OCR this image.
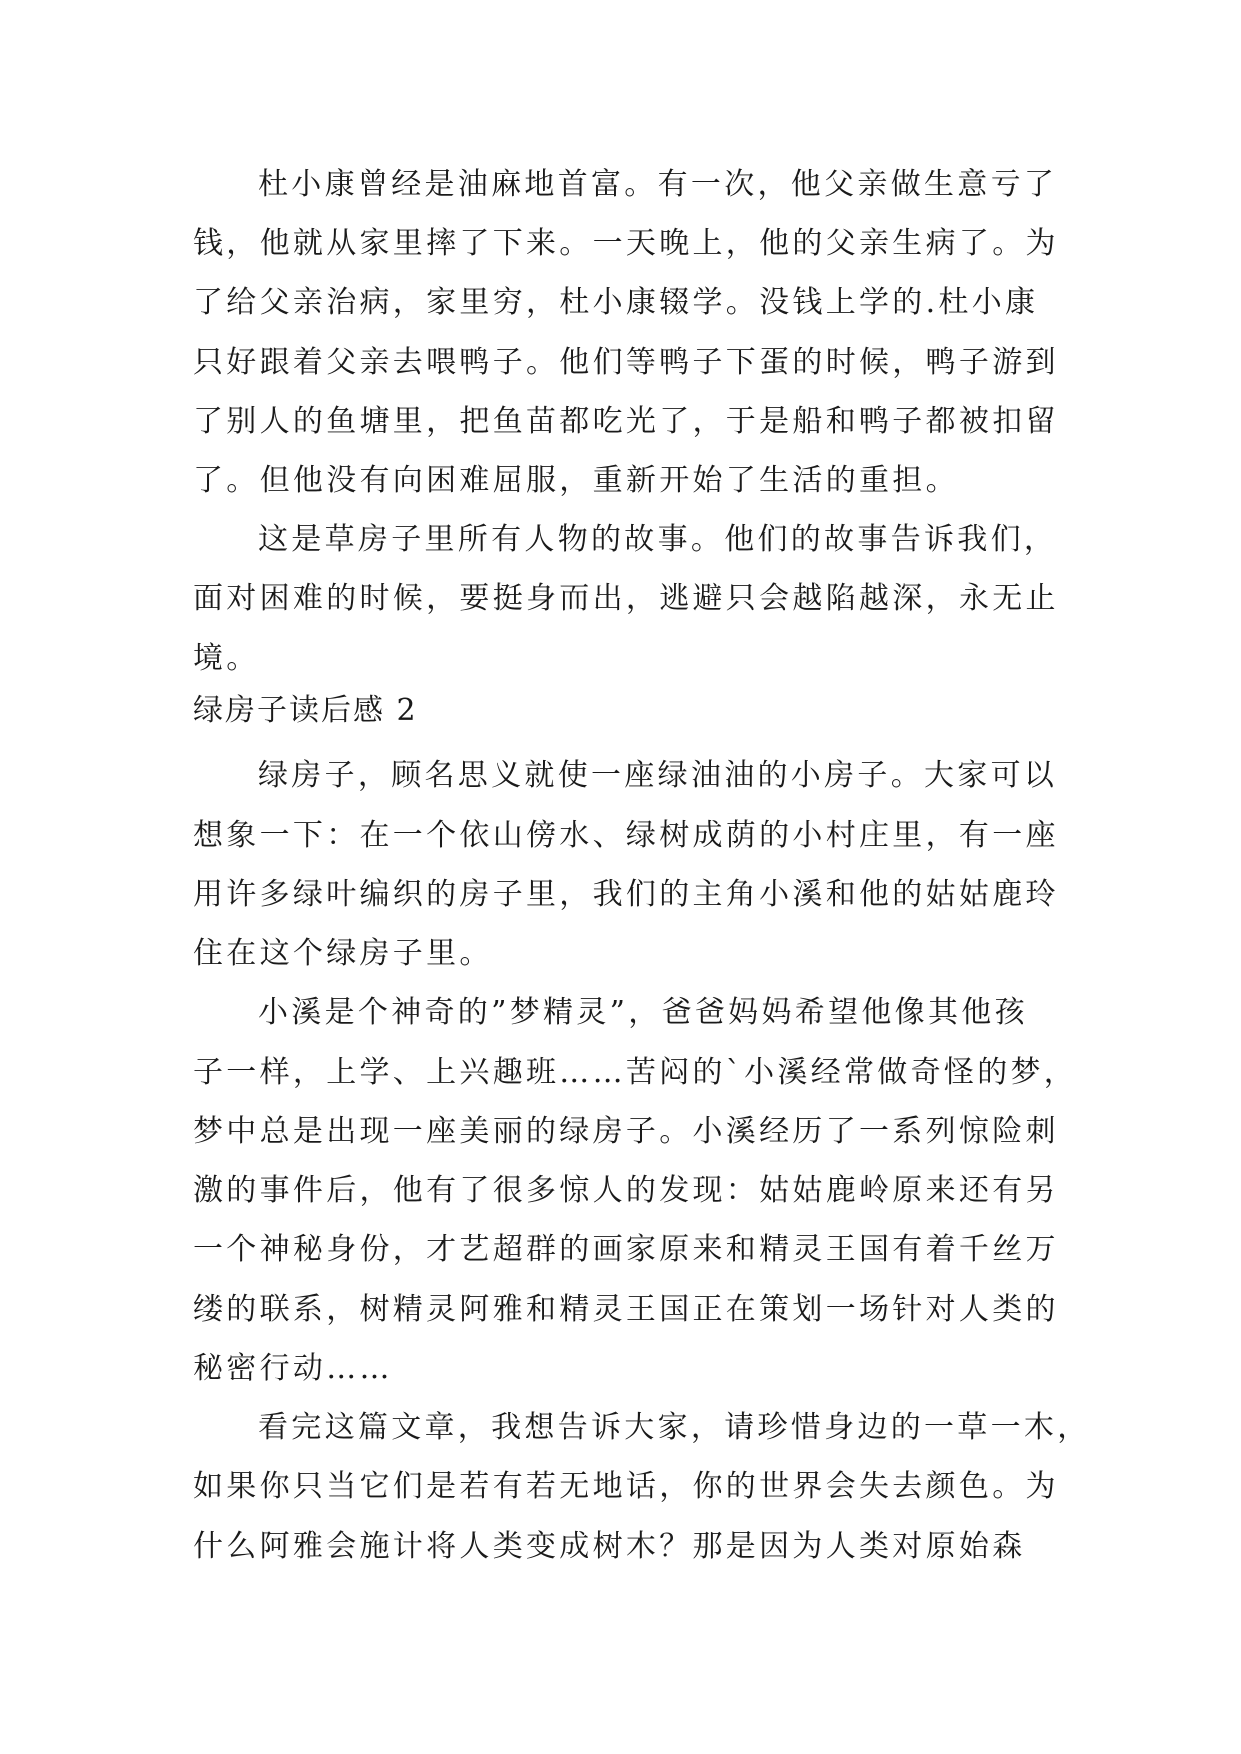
杜小康曾经是油麻地首富。有一次，他父亲做生意亏了
钱，他就从家里摔了下来。一天晚上，他的父亲生病了。为
了给父亲治病，家里穷，杜小康辍学。没钱上学的.杜小康
只好跟着父亲去喂鸭子。他们等鸭子下蛋的时候，鸭子游到
了别人的鱼塘里，把鱼苗都吃光了，于是船和鸭子都被扣留
了。但他没有向困难屈服，重新开始了生活的重担。
这是草房子里所有人物的故事。他们的故事告诉我们，
面对困难的时候，要挺身而出，逃避只会越陷越深，永无止
境。
绿房子读后感 2
绿房子，顾名思义就使一座绿油油的小房子。大家可以
想象一下：在一个依山傍水、绿树成荫的小村庄里，有一座
用许多绿叶编织的房子里，我们的主角小溪和他的姑姑鹿玲
住在这个绿房子里。
小溪是个神奇的”梦精灵”，爸爸妈妈希望他像其他孩
子一样，上学、上兴趣班……苦闷的`小溪经常做奇怪的梦，
梦中总是出现一座美丽的绿房子。小溪经历了一系列惊险刺
激的事件后，他有了很多惊人的发现：姑姑鹿岭原来还有另
一个神秘身份，才艺超群的画家原来和精灵王国有着千丝万
缕的联系，树精灵阿雅和精灵王国正在策划一场针对人类的
秘密行动……
看完这篇文章，我想告诉大家，请珍惜身边的一草一木，
如果你只当它们是若有若无地话，你的世界会失去颜色。为
什么阿雅会施计将人类变成树木？那是因为人类对原始森
